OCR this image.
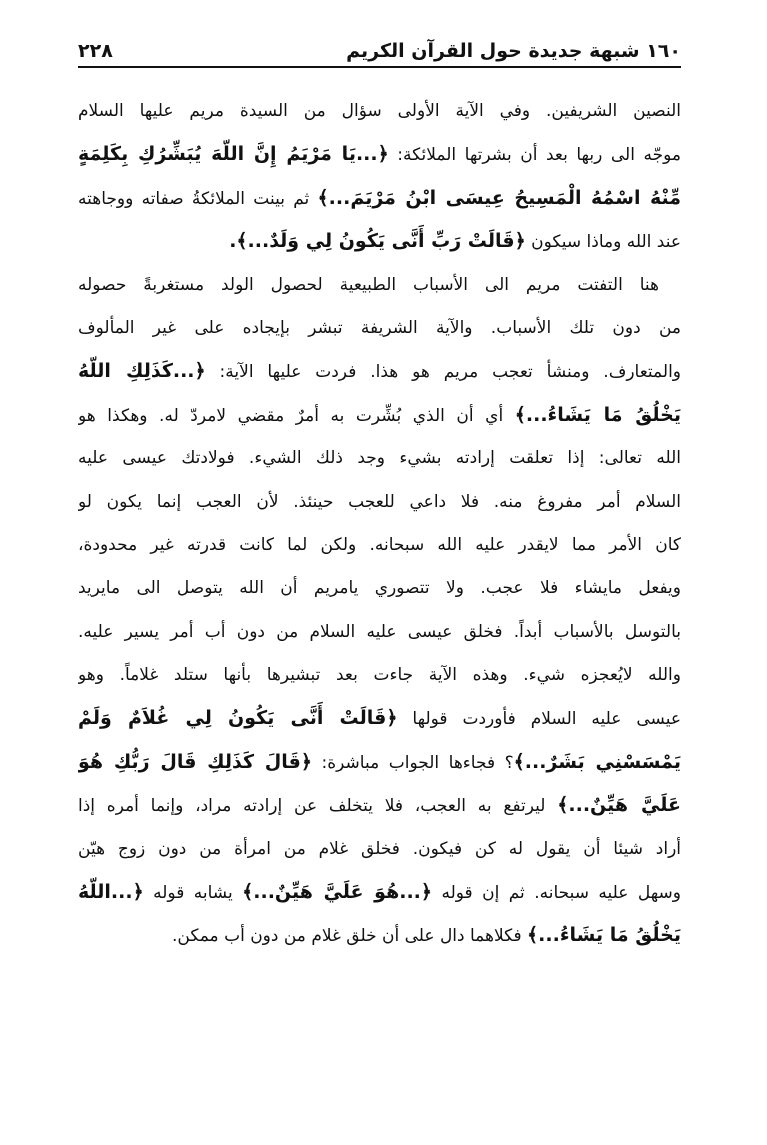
١٦٠ شبهة جديدة حول القرآن الكريم
٢٢٨
النصين الشريفين. وفي الآية الأولى سؤال من السيدة مريم عليها السلام
موجّه الى ربها بعد أن بشرتها الملائكة: ﴿...يَا مَرْيَمُ إِنَّ اللّهَ يُبَشِّرُكِ بِكَلِمَةٍ
مِّنْهُ اسْمُهُ الْمَسِيحُ عِيسَى ابْنُ مَرْيَمَ...﴾ ثم بينت الملائكةُ صفاته ووجاهته
عند الله وماذا سيكون ﴿قَالَتْ رَبِّ أَنَّى يَكُونُ لِي وَلَدٌ...﴾.
هنا التفتت مريم الى الأسباب الطبيعية لحصول الولد مستغربةً حصوله
من دون تلك الأسباب. والآية الشريفة تبشر بإيجاده على غير المألوف
والمتعارف. ومنشأ تعجب مريم هو هذا. فردت عليها الآية: ﴿...كَذَلِكِ اللّهُ
يَخْلُقُ مَا يَشَاءُ...﴾ أي أن الذي بُشِّرت به أمرٌ مقضي لامردّ له. وهكذا هو
الله تعالى: إذا تعلقت إرادته بشيء وجد ذلك الشيء. فولادتك عيسى عليه
السلام أمر مفروغ منه. فلا داعي للعجب حينئذ. لأن العجب إنما يكون لو
كان الأمر مما لايقدر عليه الله سبحانه. ولكن لما كانت قدرته غير محدودة،
ويفعل مايشاء فلا عجب. ولا تتصوري يامريم أن الله يتوصل الى مايريد
بالتوسل بالأسباب أبداً. فخلق عيسى عليه السلام من دون أب أمر يسير عليه.
والله لايُعجزه شيء. وهذه الآية جاءت بعد تبشيرها بأنها ستلد غلاماً. وهو
عيسى عليه السلام فأوردت قولها ﴿قَالَتْ أَنَّى يَكُونُ لِي غُلاَمٌ وَلَمْ
يَمْسَسْنِي بَشَرٌ...﴾؟ فجاءها الجواب مباشرة: ﴿قَالَ كَذَلِكِ قَالَ رَبُّكِ هُوَ
عَلَيَّ هَيِّنٌ...﴾ ليرتفع به العجب، فلا يتخلف عن إرادته مراد، وإنما أمره إذا
أراد شيئا أن يقول له كن فيكون. فخلق غلام من امرأة من دون زوج هيّن
وسهل عليه سبحانه. ثم إن قوله ﴿...هُوَ عَلَيَّ هَيِّنٌ...﴾ يشابه قوله ﴿...اللّهُ
يَخْلُقُ مَا يَشَاءُ...﴾ فكلاهما دال على أن خلق غلام من دون أب ممكن.
